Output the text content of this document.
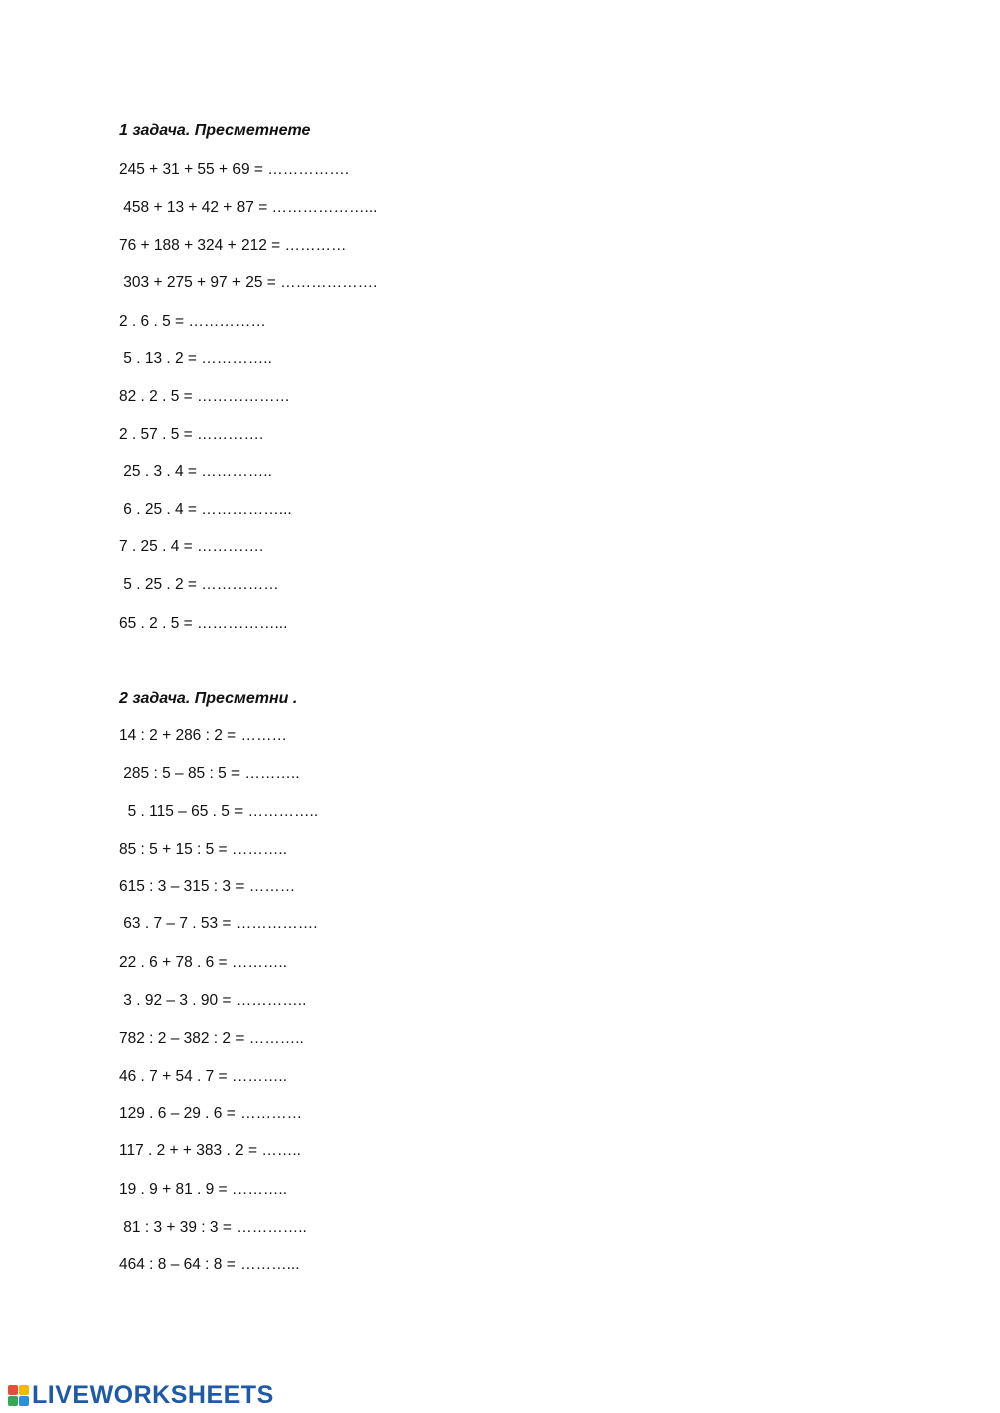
1 задача. Пресметнете
245 + 31 + 55 + 69 = …………….
458 + 13 + 42 + 87 = ………………...
76 + 188 + 324 + 212 = …………
303 + 275 + 97 + 25 = ……………….
2 . 6 . 5 = ……………
5 . 13 . 2 = …………..
82 . 2 . 5 = ………………
2 . 57 . 5 = ………….
25 . 3 . 4 = …………..
6 . 25 . 4 = ……………...
7 . 25 . 4 = ………….
5 . 25 . 2 = ……………
65 . 2 . 5 = ……………...
2 задача. Пресметни .
14 : 2 + 286 : 2 = ………
285 : 5 – 85 : 5 = ………..
5 . 115 – 65 . 5 = …………..
85 : 5 + 15 : 5 = ………..
615 : 3 – 315 : 3 = ………
63 . 7 – 7 . 53 = …………….
22 . 6 + 78 . 6 = ………..
3 . 92 – 3 . 90 = …………..
782 : 2 – 382 : 2 = ………..
46 . 7 + 54 . 7 = ………..
129 . 6 – 29 . 6 = …………
117 . 2 + + 383 . 2 = ……..
19 . 9 + 81 . 9 = ………..
81 : 3 + 39 : 3 = …………..
464 : 8 – 64 : 8 = ………...
LIVEWORKSHEETS
